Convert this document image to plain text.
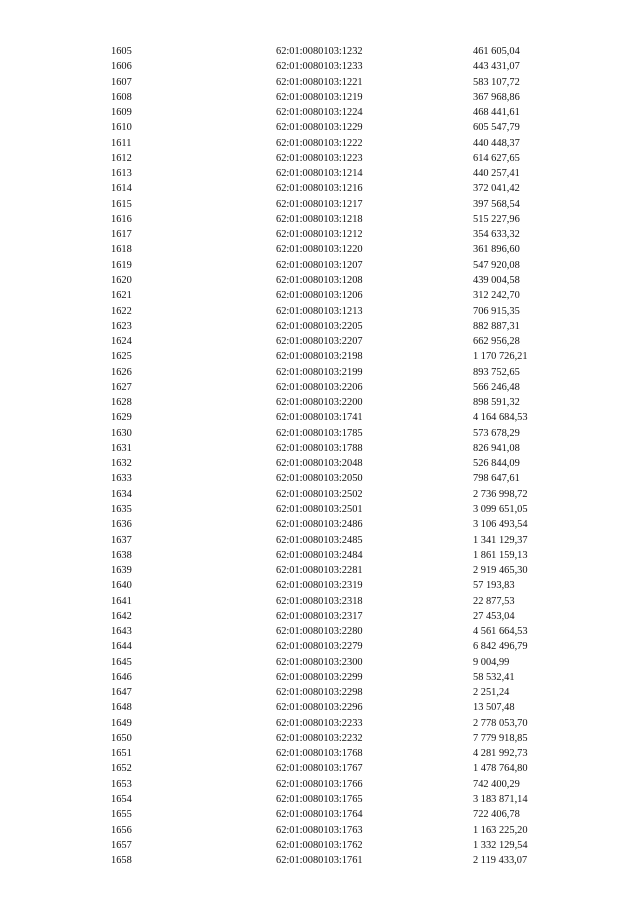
1605	62:01:0080103:1232	461 605,04
1606	62:01:0080103:1233	443 431,07
1607	62:01:0080103:1221	583 107,72
1608	62:01:0080103:1219	367 968,86
1609	62:01:0080103:1224	468 441,61
1610	62:01:0080103:1229	605 547,79
1611	62:01:0080103:1222	440 448,37
1612	62:01:0080103:1223	614 627,65
1613	62:01:0080103:1214	440 257,41
1614	62:01:0080103:1216	372 041,42
1615	62:01:0080103:1217	397 568,54
1616	62:01:0080103:1218	515 227,96
1617	62:01:0080103:1212	354 633,32
1618	62:01:0080103:1220	361 896,60
1619	62:01:0080103:1207	547 920,08
1620	62:01:0080103:1208	439 004,58
1621	62:01:0080103:1206	312 242,70
1622	62:01:0080103:1213	706 915,35
1623	62:01:0080103:2205	882 887,31
1624	62:01:0080103:2207	662 956,28
1625	62:01:0080103:2198	1 170 726,21
1626	62:01:0080103:2199	893 752,65
1627	62:01:0080103:2206	566 246,48
1628	62:01:0080103:2200	898 591,32
1629	62:01:0080103:1741	4 164 684,53
1630	62:01:0080103:1785	573 678,29
1631	62:01:0080103:1788	826 941,08
1632	62:01:0080103:2048	526 844,09
1633	62:01:0080103:2050	798 647,61
1634	62:01:0080103:2502	2 736 998,72
1635	62:01:0080103:2501	3 099 651,05
1636	62:01:0080103:2486	3 106 493,54
1637	62:01:0080103:2485	1 341 129,37
1638	62:01:0080103:2484	1 861 159,13
1639	62:01:0080103:2281	2 919 465,30
1640	62:01:0080103:2319	57 193,83
1641	62:01:0080103:2318	22 877,53
1642	62:01:0080103:2317	27 453,04
1643	62:01:0080103:2280	4 561 664,53
1644	62:01:0080103:2279	6 842 496,79
1645	62:01:0080103:2300	9 004,99
1646	62:01:0080103:2299	58 532,41
1647	62:01:0080103:2298	2 251,24
1648	62:01:0080103:2296	13 507,48
1649	62:01:0080103:2233	2 778 053,70
1650	62:01:0080103:2232	7 779 918,85
1651	62:01:0080103:1768	4 281 992,73
1652	62:01:0080103:1767	1 478 764,80
1653	62:01:0080103:1766	742 400,29
1654	62:01:0080103:1765	3 183 871,14
1655	62:01:0080103:1764	722 406,78
1656	62:01:0080103:1763	1 163 225,20
1657	62:01:0080103:1762	1 332 129,54
1658	62:01:0080103:1761	2 119 433,07
